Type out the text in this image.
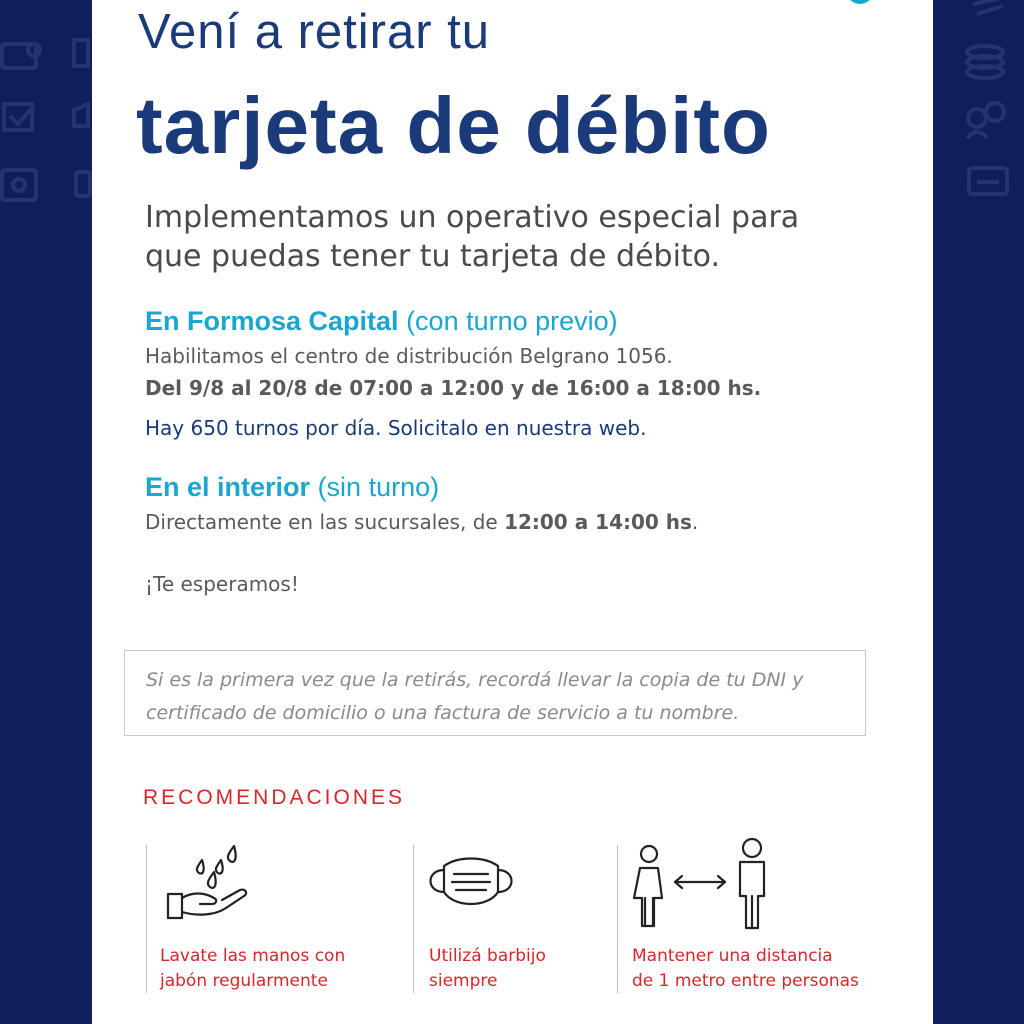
Vení a retirar tu
tarjeta de débito
Implementamos un operativo especial para que puedas tener tu tarjeta de débito.
En Formosa Capital (con turno previo)
Habilitamos el centro de distribución Belgrano 1056.
Del 9/8 al 20/8 de 07:00 a 12:00 y de 16:00 a 18:00 hs.
Hay 650 turnos por día. Solicitalo en nuestra web.
En el interior (sin turno)
Directamente en las sucursales, de 12:00 a 14:00 hs.
¡Te esperamos!
Si es la primera vez que la retirás, recordá llevar la copia de tu DNI y certificado de domicilio o una factura de servicio a tu nombre.
RECOMENDACIONES
Lavate las manos con
jabón regularmente
Utilizá barbijo
siempre
Mantener una distancia
de 1 metro entre personas
